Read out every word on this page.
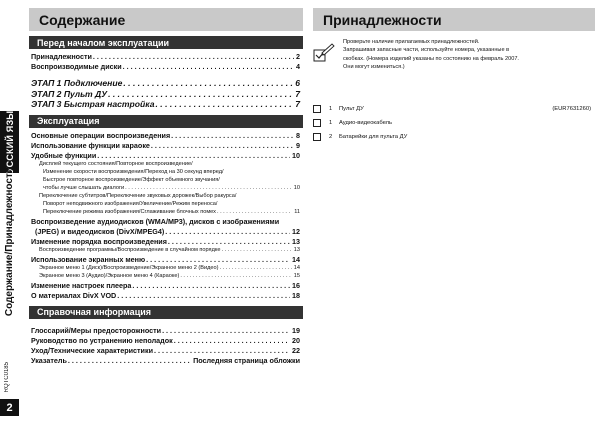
РУССКИЙ ЯЗЫК
Содержание/Принадлежности
RQTC0185
2
Содержание
Перед началом эксплуатации
Принадлежности . . .	2
Воспроизводимые диски . . .	4
ЭТАП 1 Подключение . . .	6
ЭТАП 2 Пульт ДУ . . .	7
ЭТАП 3 Быстрая настройка . . .	7
Эксплуатация
Основные операции воспроизведения . . .	8
Использование функции караоке . . .	9
Удобные функции . . .	10
Дисплей текущего состояния/Повторное воспроизведение/
Изменение скорости воспроизведения/Переход на 30 секунд вперед/
Быстрое повторное воспроизведение/Эффект объемного звучания/
чтобы лучше слышать диалоги . . .	10
Переключение субтитров/Переключение звуковых дорожек/Выбор ракурса/
Поворот неподвижного изображения/Увеличение/Режим переноса/
Переключение режима изображения/Сглаживание блочных помех . . .	11
Воспроизведение аудиодисков (WMA/MP3), дисков с изображениями
(JPEG) и видеодисков (DivX/MPEG4) . . .	12
Изменение порядка воспроизведения . . .	13
Воспроизведение программы/Воспроизведение в случайном порядке . . .	13
Использование экранных меню . . .	14
Экранное меню 1 (Диск)/Воспроизведение/Экранное меню 2 (Видео) . . .	14
Экранное меню 3 (Аудио)/Экранное меню 4 (Караоке) . . .	15
Изменение настроек плеера . . .	16
О материалах DivX VOD . . .	18
Справочная информация
Глоссарий/Меры предосторожности . . .	19
Руководство по устранению неполадок . . .	20
Уход/Технические характеристики . . .	22
Указатель . . .	Последняя страница обложки
Принадлежности
Проверьте наличие прилагаемых принадлежностей.
Запрашивая запасные части, используйте номера, указанные в
скобках. (Номера изделий указаны по состоянию на февраль 2007.
Они могут измениться.)
1	Пульт ДУ	(EUR7631260)
1	Аудио-видеокабель
2	Батарейки для пульта ДУ
